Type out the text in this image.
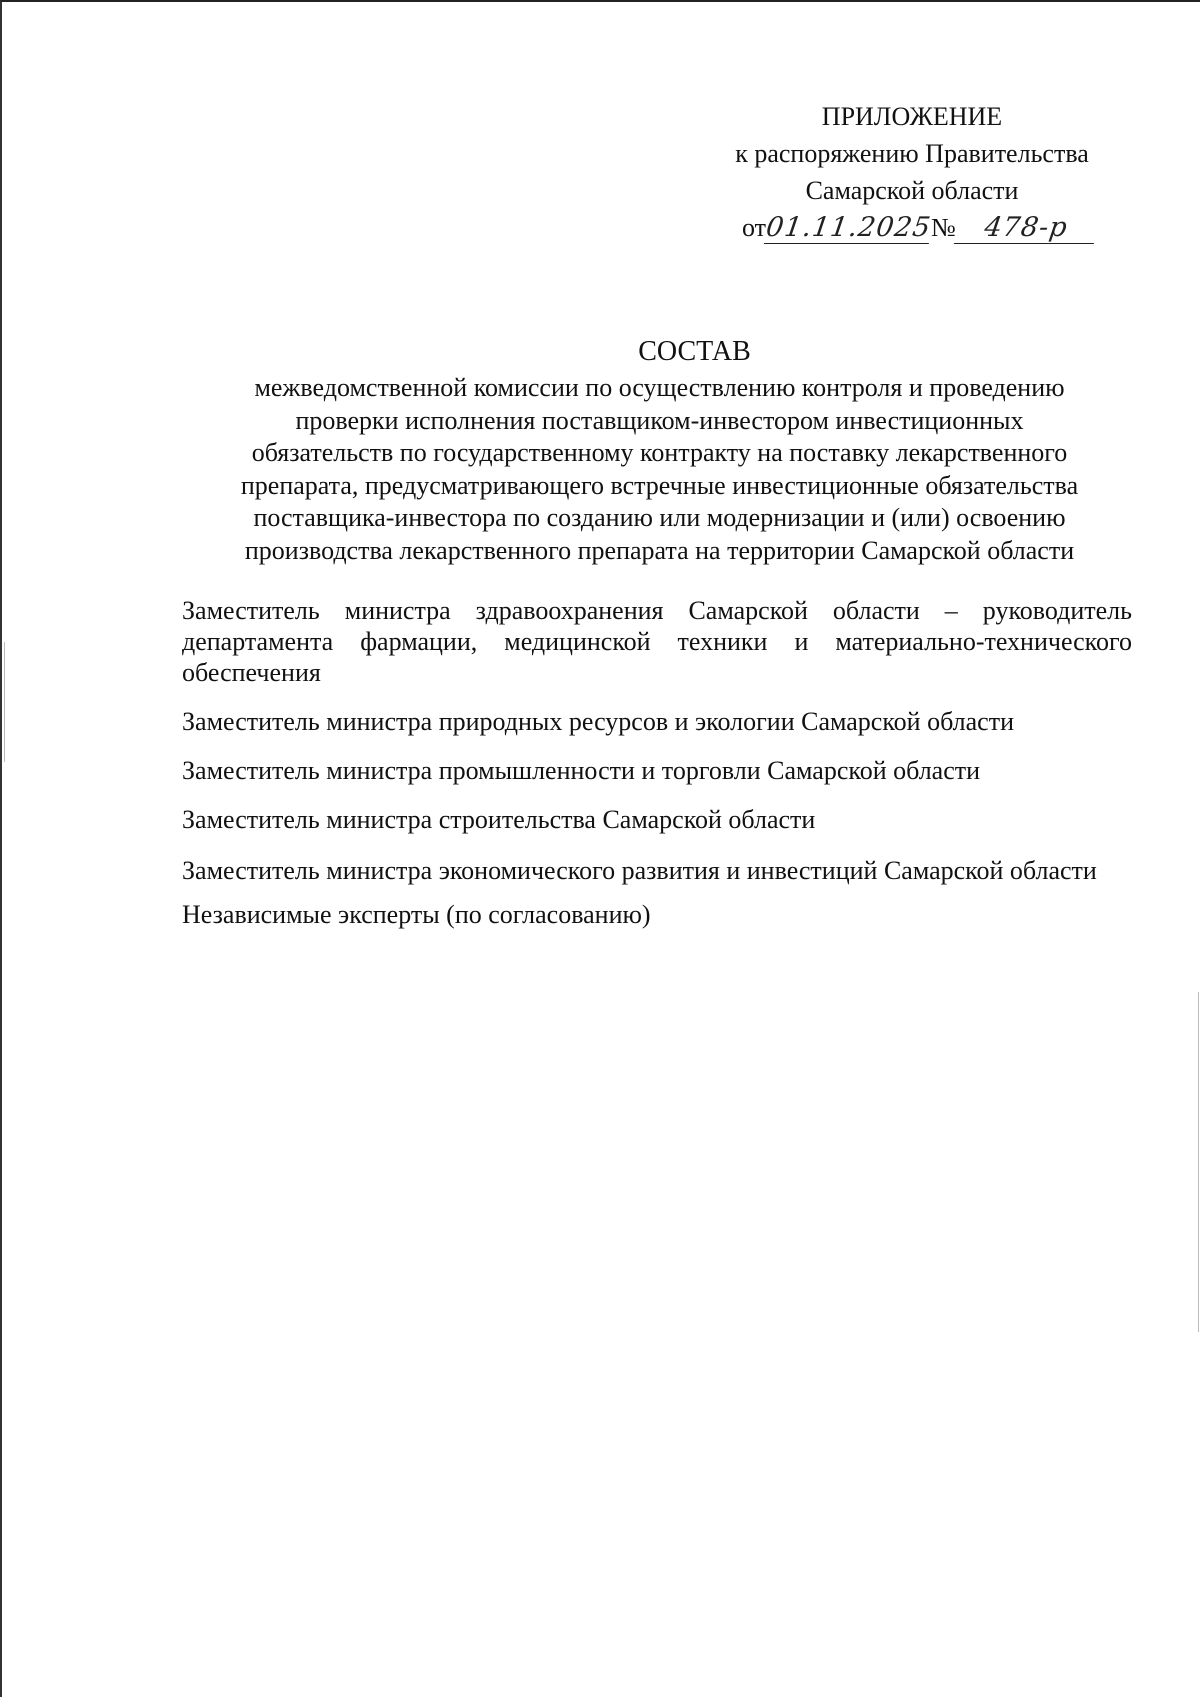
ПРИЛОЖЕНИЕ
к распоряжению Правительства
Самарской области
от01.11.2025№ 478-р
СОСТАВ
межведомственной комиссии по осуществлению контроля и проведению
проверки исполнения поставщиком-инвестором инвестиционных
обязательств по государственному контракту на поставку лекарственного
препарата, предусматривающего встречные инвестиционные обязательства
поставщика-инвестора по созданию или модернизации и (или) освоению
производства лекарственного препарата на территории Самарской области
Заместитель министра здравоохранения Самарской области – руководитель департамента фармации, медицинской техники и материально-технического обеспечения
Заместитель министра природных ресурсов и экологии Самарской области
Заместитель министра промышленности и торговли Самарской области
Заместитель министра строительства Самарской области
Заместитель министра экономического развития и инвестиций Самарской области
Независимые эксперты (по согласованию)
